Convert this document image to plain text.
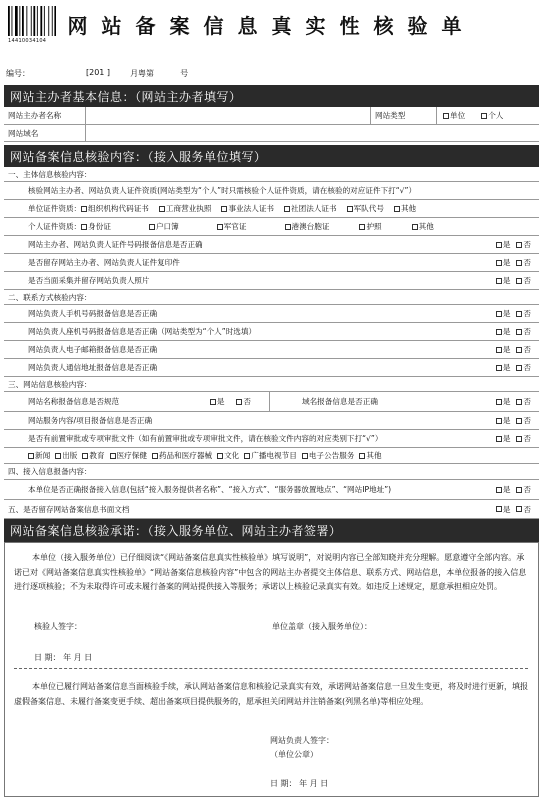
14410034104
网站备案信息真实性核验单
编号：	[201 ]	月粤第	号
网站主办者基本信息：（网站主办者填写）
网站主办者名称	网站类型	单位	个人
网站域名
网站备案信息核验内容：（接入服务单位填写）
一、主体信息核验内容：
核验网站主办者、网站负责人证件资质(网站类型为“个人”时只需核验个人证件资质，请在核验的对应证件下打“√”）
单位证件资质： 组织机构代码证书 工商营业执照 事业法人证书 社团法人证书 军队代号 其他
个人证件资质： 身份证	户口簿	军官证	港澳台胞证	护照	其他
网站主办者、网站负责人证件号码报备信息是否正确	是	否
是否留存网站主办者、网站负责人证件复印件	是	否
是否当面采集并留存网站负责人照片	是	否
二、联系方式核验内容：
网站负责人手机号码报备信息是否正确	是	否
网站负责人座机号码报备信息是否正确（网站类型为“个人”时选填）	是	否
网站负责人电子邮箱报备信息是否正确	是	否
网站负责人通信地址报备信息是否正确	是	否
三、网站信息核验内容：
网站名称报备信息是否规范	是	否	域名报备信息是否正确	是	否
网站服务内容/项目报备信息是否正确	是	否
是否有前置审批或专项审批文件（如有前置审批或专项审批文件，请在核验文件内容的对应类别下打“√”）	是	否
新闻 出版 教育 医疗保健 药品和医疗器械 文化 广播电视节目 电子公告服务 其他
四、接入信息报备内容：
本单位是否正确报备接入信息(包括“接入服务提供者名称”、“接入方式”、“服务器放置地点”、“网站IP地址”)	是	否
五、是否留存网站备案信息书面文档	是	否
网站备案信息核验承诺：（接入服务单位、网站主办者签署）
本单位（接入服务单位）已仔细阅读“《网站备案信息真实性核验单》填写说明”，对说明内容已全部知晓并充分理解。愿意遵守全部内容。承诺已对《网站备案信息真实性核验单》“网站备案信息核验内容”中包含的网站主办者提交主体信息、联系方式、网站信息，本单位报备的接入信息进行逐项核验；不为未取得许可或未履行备案的网站提供接入等服务；承诺以上核验记录真实有效。如违反上述规定，愿意承担相应处罚。
核验人签字：	单位盖章（接入服务单位）：
日 期： 年 月 日
本单位已履行网站备案信息当面核验手续，承认网站备案信息和核验记录真实有效，承诺网站备案信息一旦发生变更，将及时进行更新，填报虚假备案信息、未履行备案变更手续、超出备案项目提供服务的，愿承担关闭网站并注销备案(列黑名单)等相应处理。
网站负责人签字：
（单位公章）
日 期： 年 月 日
